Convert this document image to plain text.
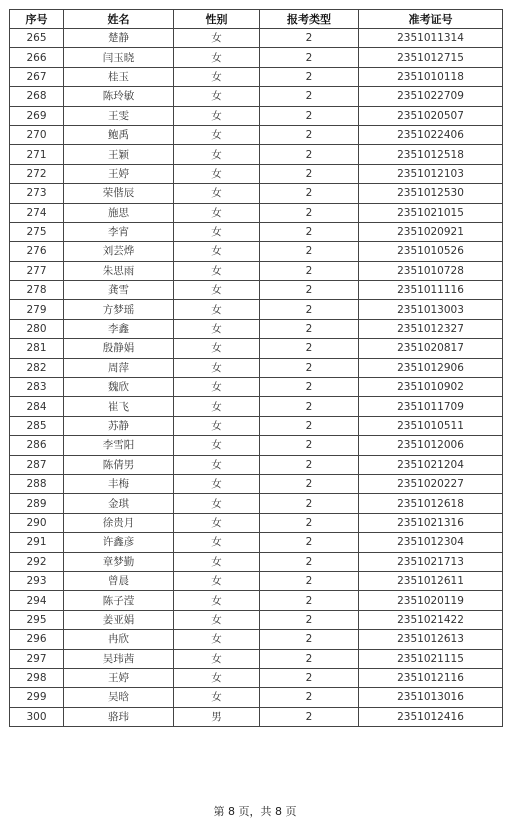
序号	姓名	性别	报考类型	准考证号
265	楚静	女	2	2351011314
266	闫玉晓	女	2	2351012715
267	桂玉	女	2	2351010118
268	陈玲敏	女	2	2351022709
269	王雯	女	2	2351020507
270	鲍禹	女	2	2351022406
271	王颖	女	2	2351012518
272	王婷	女	2	2351012103
273	荣偕辰	女	2	2351012530
274	施思	女	2	2351021015
275	李宵	女	2	2351020921
276	刘芸烨	女	2	2351010526
277	朱思雨	女	2	2351010728
278	龚雪	女	2	2351011116
279	方梦瑶	女	2	2351013003
280	李鑫	女	2	2351012327
281	殷静娟	女	2	2351020817
282	周萍	女	2	2351012906
283	魏欣	女	2	2351010902
284	崔飞	女	2	2351011709
285	苏静	女	2	2351010511
286	李雪阳	女	2	2351012006
287	陈倩男	女	2	2351021204
288	丰梅	女	2	2351020227
289	金琪	女	2	2351012618
290	徐贵月	女	2	2351021316
291	许鑫彦	女	2	2351012304
292	章梦勤	女	2	2351021713
293	曾晨	女	2	2351012611
294	陈子滢	女	2	2351020119
295	姜亚娟	女	2	2351021422
296	冉欣	女	2	2351012613
297	吴玮茜	女	2	2351021115
298	王婷	女	2	2351012116
299	吴晗	女	2	2351013016
300	骆玮	男	2	2351012416
第 8 页，共 8 页
